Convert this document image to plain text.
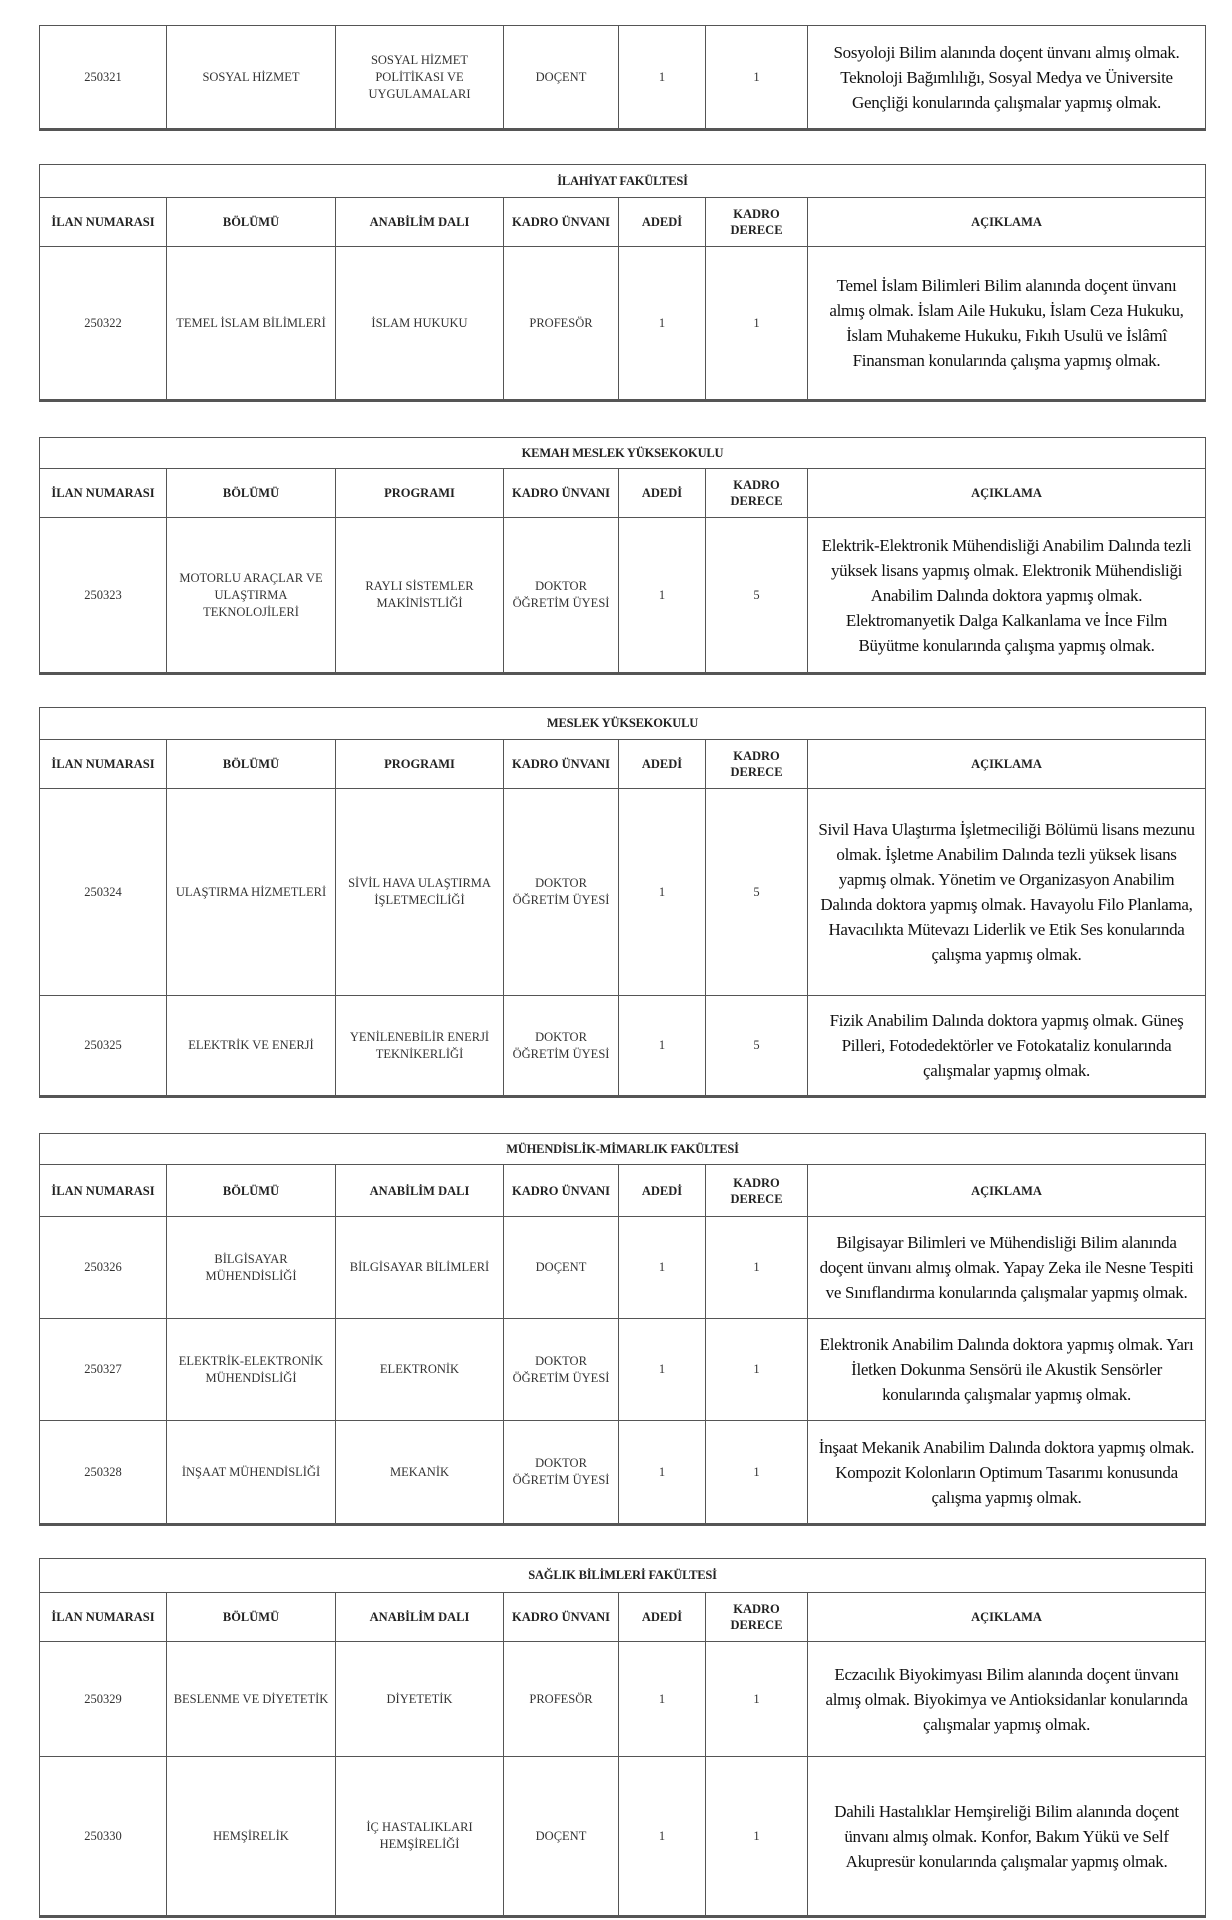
250321	SOSYAL HİZMET	SOSYAL HİZMET POLİTİKASI VE UYGULAMALARI	DOÇENT	1	1	Sosyoloji Bilim alanında doçent ünvanı almış olmak. Teknoloji Bağımlılığı, Sosyal Medya ve Üniversite Gençliği konularında çalışmalar yapmış olmak.
İLAHİYAT FAKÜLTESİ						
İLAN NUMARASI	BÖLÜMÜ	ANABİLİM DALI	KADRO ÜNVANI	ADEDİ	KADRO DERECE	AÇIKLAMA
250322	TEMEL İSLAM BİLİMLERİ	İSLAM HUKUKU	PROFESÖR	1	1	Temel İslam Bilimleri Bilim alanında doçent ünvanı almış olmak. İslam Aile Hukuku, İslam Ceza Hukuku, İslam Muhakeme Hukuku, Fıkıh Usulü ve İslâmî Finansman konularında çalışma yapmış olmak.
KEMAH MESLEK YÜKSEKOKULU						
İLAN NUMARASI	BÖLÜMÜ	PROGRAMI	KADRO ÜNVANI	ADEDİ	KADRO DERECE	AÇIKLAMA
250323	MOTORLU ARAÇLAR VE ULAŞTIRMA TEKNOLOJİLERİ	RAYLI SİSTEMLER MAKİNİSTLİĞİ	DOKTOR ÖĞRETİM ÜYESİ	1	5	Elektrik-Elektronik Mühendisliği Anabilim Dalında tezli yüksek lisans yapmış olmak. Elektronik Mühendisliği Anabilim Dalında doktora yapmış olmak. Elektromanyetik Dalga Kalkanlama ve İnce Film Büyütme konularında çalışma yapmış olmak.
MESLEK YÜKSEKOKULU						
İLAN NUMARASI	BÖLÜMÜ	PROGRAMI	KADRO ÜNVANI	ADEDİ	KADRO DERECE	AÇIKLAMA
250324	ULAŞTIRMA HİZMETLERİ	SİVİL HAVA ULAŞTIRMA İŞLETMECİLİĞİ	DOKTOR ÖĞRETİM ÜYESİ	1	5	Sivil Hava Ulaştırma İşletmeciliği Bölümü lisans mezunu olmak. İşletme Anabilim Dalında tezli yüksek lisans yapmış olmak. Yönetim ve Organizasyon Anabilim Dalında doktora yapmış olmak. Havayolu Filo Planlama, Havacılıkta Mütevazı Liderlik ve Etik Ses konularında çalışma yapmış olmak.
250325	ELEKTRİK VE ENERJİ	YENİLENEBİLİR ENERJİ TEKNİKERLİĞİ	DOKTOR ÖĞRETİM ÜYESİ	1	5	Fizik Anabilim Dalında doktora yapmış olmak. Güneş Pilleri, Fotodedektörler ve Fotokataliz konularında çalışmalar yapmış olmak.
MÜHENDİSLİK-MİMARLIK FAKÜLTESİ						
İLAN NUMARASI	BÖLÜMÜ	ANABİLİM DALI	KADRO ÜNVANI	ADEDİ	KADRO DERECE	AÇIKLAMA
250326	BİLGİSAYAR MÜHENDİSLİĞİ	BİLGİSAYAR BİLİMLERİ	DOÇENT	1	1	Bilgisayar Bilimleri ve Mühendisliği Bilim alanında doçent ünvanı almış olmak. Yapay Zeka ile Nesne Tespiti ve Sınıflandırma konularında çalışmalar yapmış olmak.
250327	ELEKTRİK-ELEKTRONİK MÜHENDİSLİĞİ	ELEKTRONİK	DOKTOR ÖĞRETİM ÜYESİ	1	1	Elektronik Anabilim Dalında doktora yapmış olmak. Yarı İletken Dokunma Sensörü ile Akustik Sensörler konularında çalışmalar yapmış olmak.
250328	İNŞAAT MÜHENDİSLİĞİ	MEKANİK	DOKTOR ÖĞRETİM ÜYESİ	1	1	İnşaat Mekanik Anabilim Dalında doktora yapmış olmak. Kompozit Kolonların Optimum Tasarımı konusunda çalışma yapmış olmak.
SAĞLIK BİLİMLERİ FAKÜLTESİ						
İLAN NUMARASI	BÖLÜMÜ	ANABİLİM DALI	KADRO ÜNVANI	ADEDİ	KADRO DERECE	AÇIKLAMA
250329	BESLENME VE DİYETETİK	DİYETETİK	PROFESÖR	1	1	Eczacılık Biyokimyası Bilim alanında doçent ünvanı almış olmak. Biyokimya ve Antioksidanlar konularında çalışmalar yapmış olmak.
250330	HEMŞİRELİK	İÇ HASTALIKLARI HEMŞİRELİĞİ	DOÇENT	1	1	Dahili Hastalıklar Hemşireliği Bilim alanında doçent ünvanı almış olmak. Konfor, Bakım Yükü ve Self Akupresür konularında çalışmalar yapmış olmak.
